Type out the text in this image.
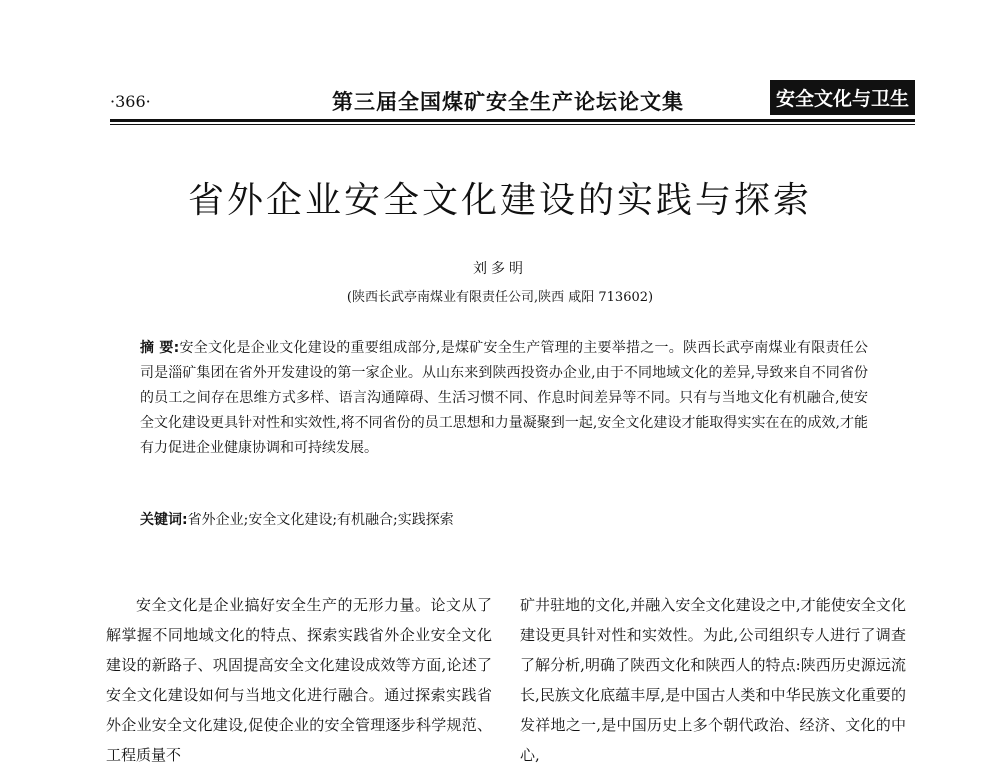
·366·	第三届全国煤矿安全生产论坛论文集	安全文化与卫生
省外企业安全文化建设的实践与探索
刘多明
(陕西长武亭南煤业有限责任公司,陕西 咸阳 713602)
摘 要:安全文化是企业文化建设的重要组成部分,是煤矿安全生产管理的主要举措之一。陕西长武亭南煤业有限责任公司是淄矿集团在省外开发建设的第一家企业。从山东来到陕西投资办企业,由于不同地域文化的差异,导致来自不同省份的员工之间存在思维方式多样、语言沟通障碍、生活习惯不同、作息时间差异等不同。只有与当地文化有机融合,使安全文化建设更具针对性和实效性,将不同省份的员工思想和力量凝聚到一起,安全文化建设才能取得实实在在的成效,才能有力促进企业健康协调和可持续发展。
关键词:省外企业;安全文化建设;有机融合;实践探索

安全文化是企业搞好安全生产的无形力量。论文从了解掌握不同地域文化的特点、探索实践省外企业安全文化建设的新路子、巩固提高安全文化建设成效等方面,论述了安全文化建设如何与当地文化进行融合。通过探索实践省外企业安全文化建设,促使企业的安全管理逐步科学规范、工程质量不

矿井驻地的文化,并融入安全文化建设之中,才能使安全文化建设更具针对性和实效性。为此,公司组织专人进行了调查了解分析,明确了陕西文化和陕西人的特点:陕西历史源远流长,民族文化底蕴丰厚,是中国古人类和中华民族文化重要的发祥地之一,是中国历史上多个朝代政治、经济、文化的中心,
